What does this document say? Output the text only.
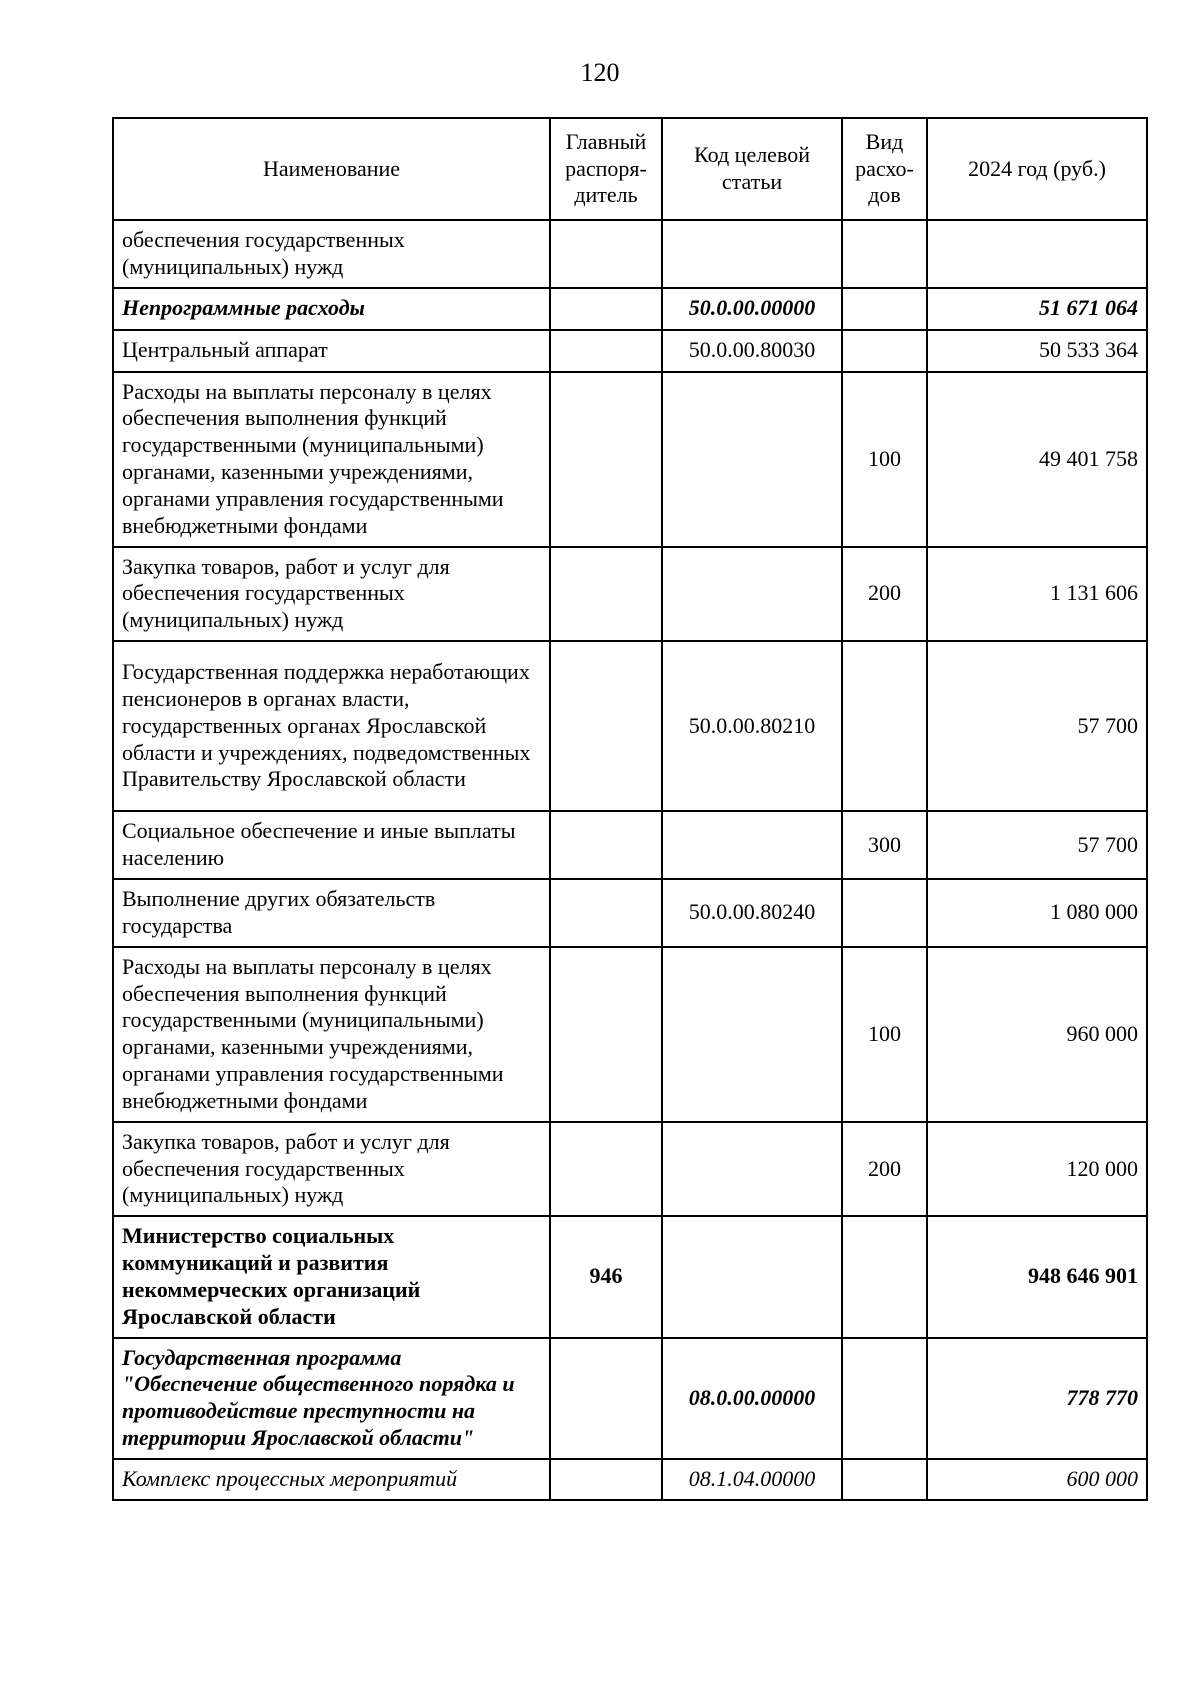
120
Наименование	Главный распоря-дитель	Код целевой статьи	Вид расхо-дов	2024 год (руб.)
обеспечения государственных (муниципальных) нужд				
Непрограммные расходы		50.0.00.00000		51 671 064
Центральный аппарат		50.0.00.80030		50 533 364
Расходы на выплаты персоналу в целях обеспечения выполнения функций государственными (муниципальными) органами, казенными учреждениями, органами управления государственными внебюджетными фондами			100	49 401 758
Закупка товаров, работ и услуг для обеспечения государственных (муниципальных) нужд			200	1 131 606
Государственная поддержка неработающих пенсионеров в органах власти, государственных органах Ярославской области и учреждениях, подведомственных Правительству Ярославской области		50.0.00.80210		57 700
Социальное обеспечение и иные выплаты населению			300	57 700
Выполнение других обязательств государства		50.0.00.80240		1 080 000
Расходы на выплаты персоналу в целях обеспечения выполнения функций государственными (муниципальными) органами, казенными учреждениями, органами управления государственными внебюджетными фондами			100	960 000
Закупка товаров, работ и услуг для обеспечения государственных (муниципальных) нужд			200	120 000
Министерство социальных коммуникаций и развития некоммерческих организаций Ярославской области	946			948 646 901
Государственная программа "Обеспечение общественного порядка и противодействие преступности на территории Ярославской области"		08.0.00.00000		778 770
Комплекс процессных мероприятий		08.1.04.00000		600 000
